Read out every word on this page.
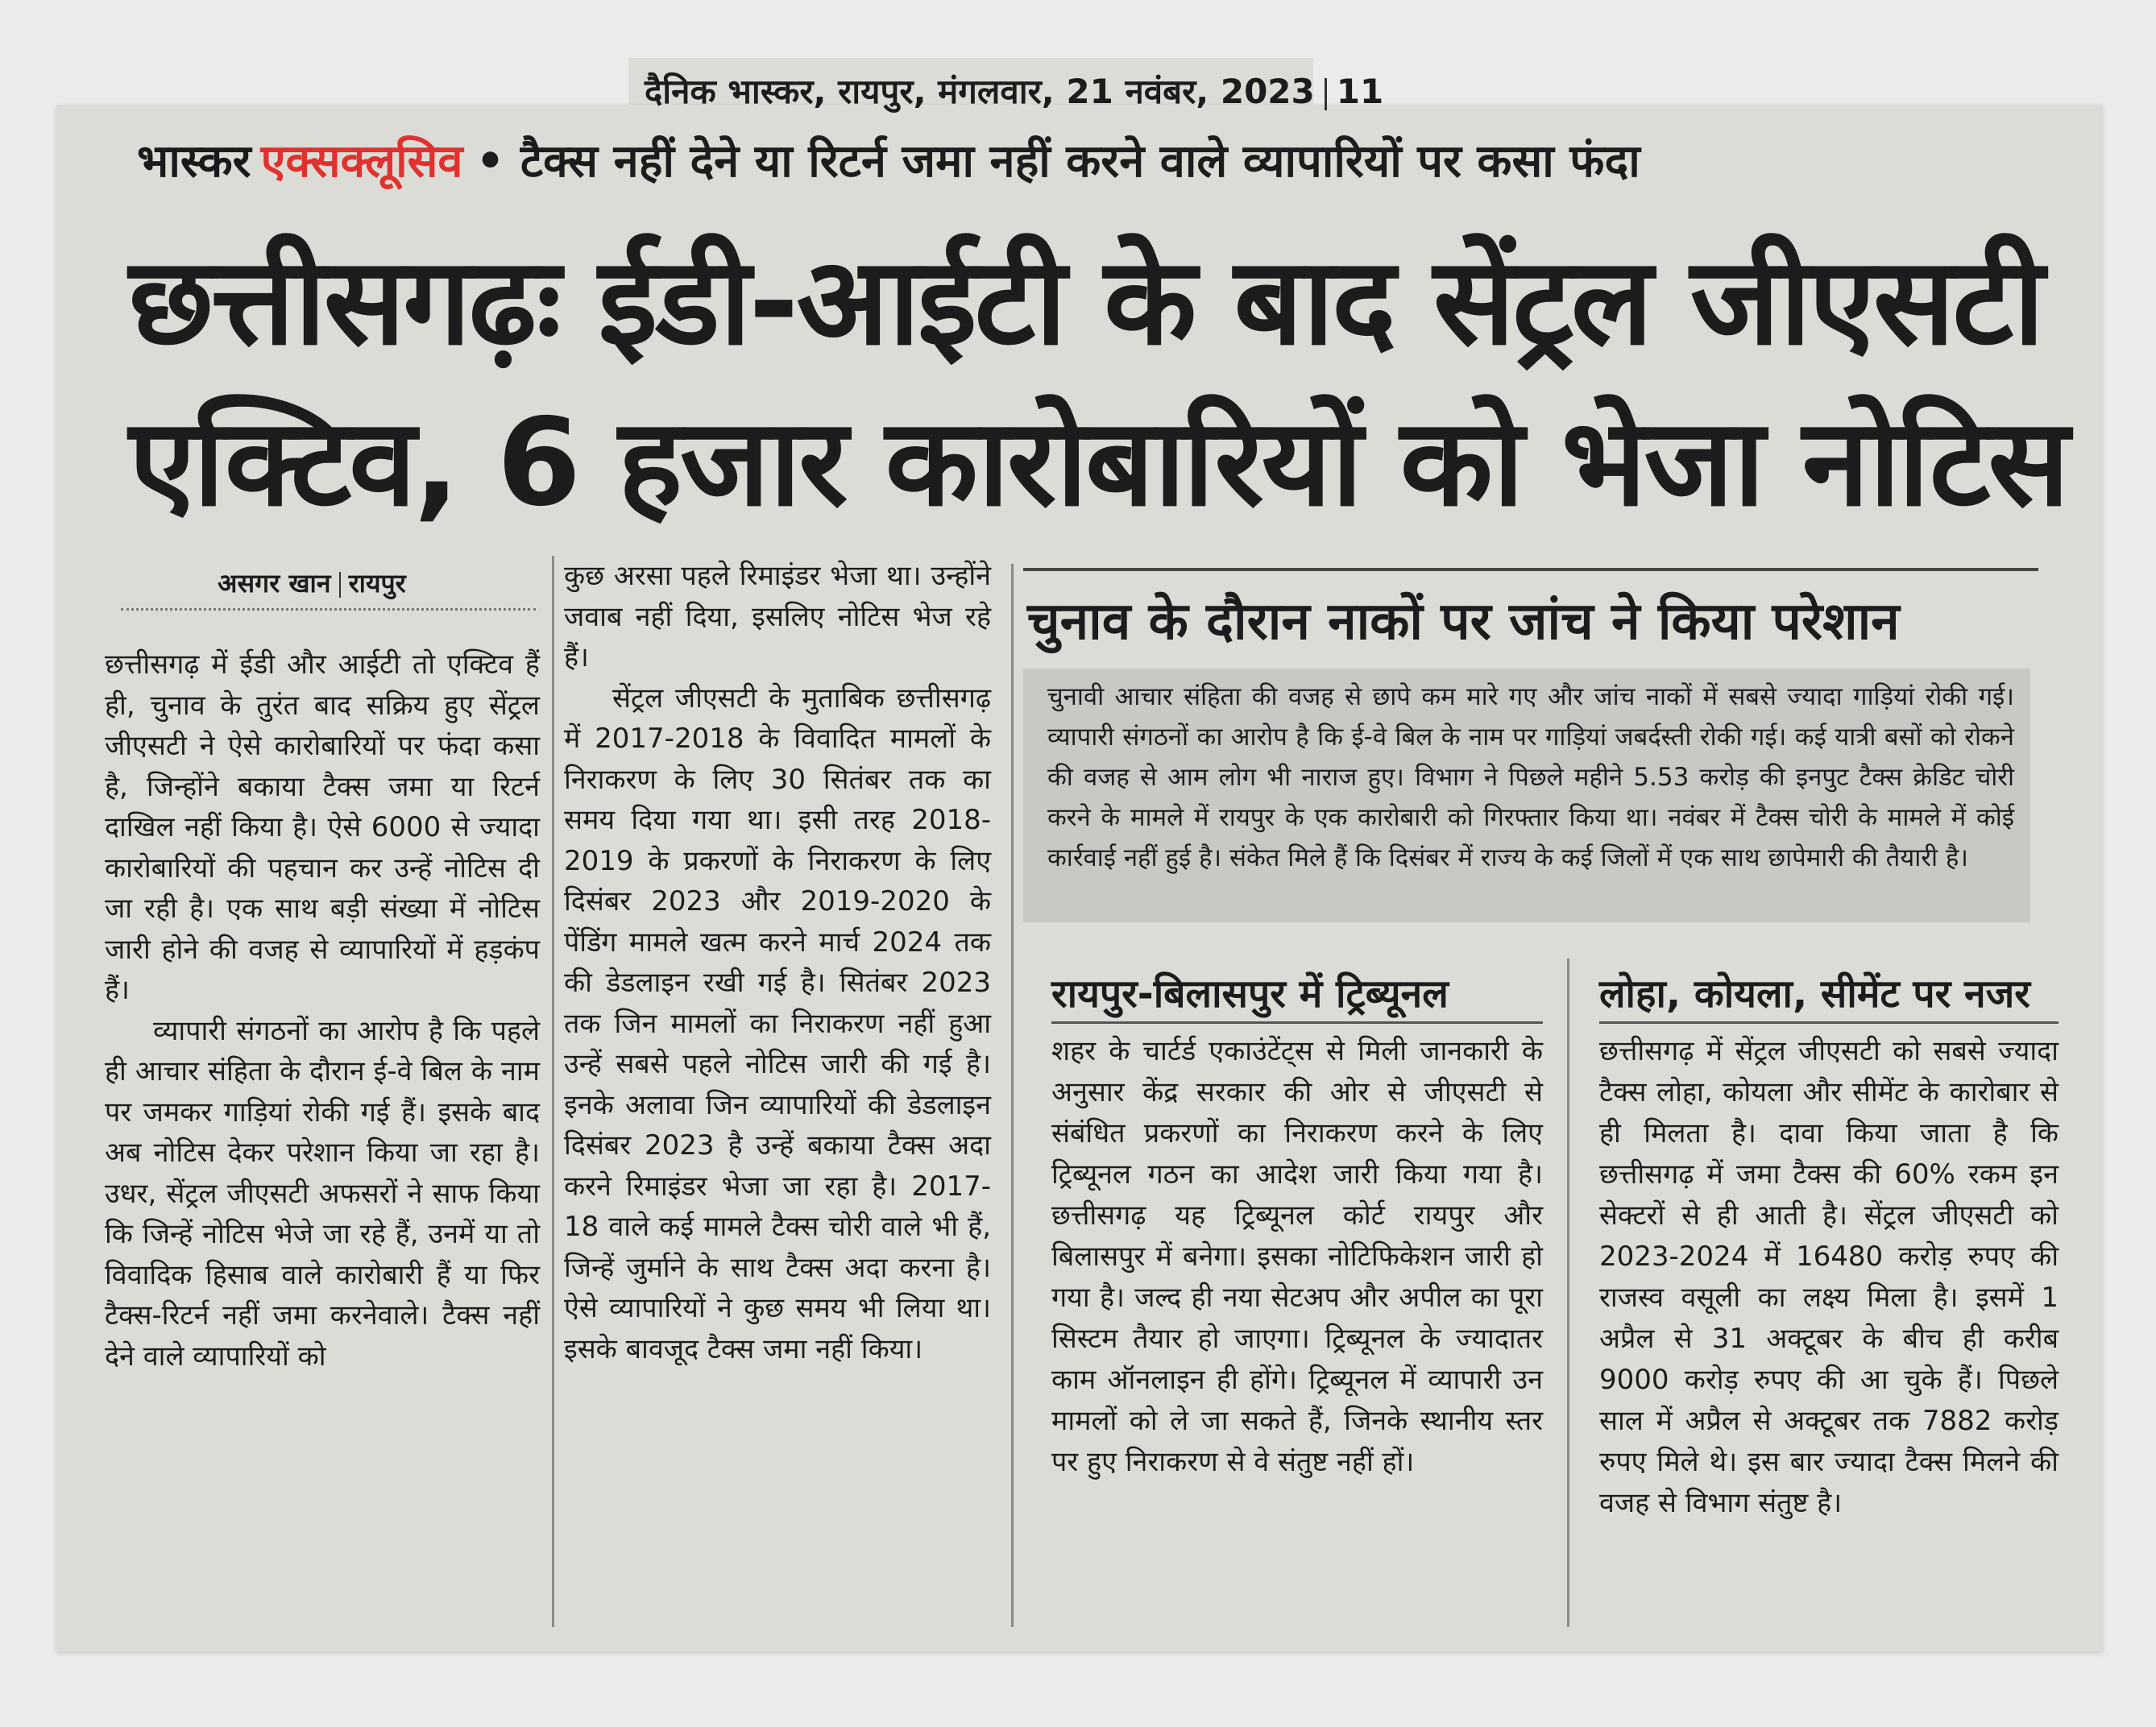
दैनिक भास्कर, रायपुर, मंगलवार, 21 नवंबर, 2023 11
भास्कर एक्सक्लूसिव • टैक्स नहीं देने या रिटर्न जमा नहीं करने वाले व्यापारियों पर कसा फंदा
छत्तीसगढ़ः ईडी-आईटी के बाद सेंट्रल जीएसटी
एक्टिव, 6 हजार कारोबारियों को भेजा नोटिस
असगर खान रायपुर

छत्तीसगढ़ में ईडी और आईटी तो एक्टिव हैं ही, चुनाव के तुरंत बाद सक्रिय हुए सेंट्रल जीएसटी ने ऐसे कारोबारियों पर फंदा कसा है, जिन्होंने बकाया टैक्स जमा या रिटर्न दाखिल नहीं किया है। ऐसे 6000 से ज्यादा कारोबारियों की पहचान कर उन्हें नोटिस दी जा रही है। एक साथ बड़ी संख्या में नोटिस जारी होने की वजह से व्यापारियों में हड़कंप हैं।

व्यापारी संगठनों का आरोप है कि पहले ही आचार संहिता के दौरान ई-वे बिल के नाम पर जमकर गाड़ियां रोकी गई हैं। इसके बाद अब नोटिस देकर परेशान किया जा रहा है। उधर, सेंट्रल जीएसटी अफसरों ने साफ किया कि जिन्हें नोटिस भेजे जा रहे हैं, उनमें या तो विवादिक हिसाब वाले कारोबारी हैं या फिर टैक्स-रिटर्न नहीं जमा करनेवाले। टैक्स नहीं देने वाले व्यापारियों को

कुछ अरसा पहले रिमाइंडर भेजा था। उन्होंने जवाब नहीं दिया, इसलिए नोटिस भेज रहे हैं।

सेंट्रल जीएसटी के मुताबिक छत्तीसगढ़ में 2017-2018 के विवादित मामलों के निराकरण के लिए 30 सितंबर तक का समय दिया गया था। इसी तरह 2018-2019 के प्रकरणों के निराकरण के लिए दिसंबर 2023 और 2019-2020 के पेंडिंग मामले खत्म करने मार्च 2024 तक की डेडलाइन रखी गई है। सितंबर 2023 तक जिन मामलों का निराकरण नहीं हुआ उन्हें सबसे पहले नोटिस जारी की गई है। इनके अलावा जिन व्यापारियों की डेडलाइन दिसंबर 2023 है उन्हें बकाया टैक्स अदा करने रिमाइंडर भेजा जा रहा है। 2017-18 वाले कई मामले टैक्स चोरी वाले भी हैं, जिन्हें जुर्माने के साथ टैक्स अदा करना है। ऐसे व्यापारियों ने कुछ समय भी लिया था। इसके बावजूद टैक्स जमा नहीं किया।

चुनाव के दौरान नाकों पर जांच ने किया परेशान
चुनावी आचार संहिता की वजह से छापे कम मारे गए और जांच नाकों में सबसे ज्यादा गाड़ियां रोकी गई। व्यापारी संगठनों का आरोप है कि ई-वे बिल के नाम पर गाड़ियां जबर्दस्ती रोकी गई। कई यात्री बसों को रोकने की वजह से आम लोग भी नाराज हुए। विभाग ने पिछले महीने 5.53 करोड़ की इनपुट टैक्स क्रेडिट चोरी करने के मामले में रायपुर के एक कारोबारी को गिरफ्तार किया था। नवंबर में टैक्स चोरी के मामले में कोई कार्रवाई नहीं हुई है। संकेत मिले हैं कि दिसंबर में राज्य के कई जिलों में एक साथ छापेमारी की तैयारी है।
रायपुर-बिलासपुर में ट्रिब्यूनल
शहर के चार्टर्ड एकाउंटेंट्स से मिली जानकारी के अनुसार केंद्र सरकार की ओर से जीएसटी से संबंधित प्रकरणों का निराकरण करने के लिए ट्रिब्यूनल गठन का आदेश जारी किया गया है। छत्तीसगढ़ यह ट्रिब्यूनल कोर्ट रायपुर और बिलासपुर में बनेगा। इसका नोटिफिकेशन जारी हो गया है। जल्द ही नया सेटअप और अपील का पूरा सिस्टम तैयार हो जाएगा। ट्रिब्यूनल के ज्यादातर काम ऑनलाइन ही होंगे। ट्रिब्यूनल में व्यापारी उन मामलों को ले जा सकते हैं, जिनके स्थानीय स्तर पर हुए निराकरण से वे संतुष्ट नहीं हों।
लोहा, कोयला, सीमेंट पर नजर
छत्तीसगढ़ में सेंट्रल जीएसटी को सबसे ज्यादा टैक्स लोहा, कोयला और सीमेंट के कारोबार से ही मिलता है। दावा किया जाता है कि छत्तीसगढ़ में जमा टैक्स की 60% रकम इन सेक्टरों से ही आती है। सेंट्रल जीएसटी को 2023-2024 में 16480 करोड़ रुपए की राजस्व वसूली का लक्ष्य मिला है। इसमें 1 अप्रैल से 31 अक्टूबर के बीच ही करीब 9000 करोड़ रुपए की आ चुके हैं। पिछले साल में अप्रैल से अक्टूबर तक 7882 करोड़ रुपए मिले थे। इस बार ज्यादा टैक्स मिलने की वजह से विभाग संतुष्ट है।
